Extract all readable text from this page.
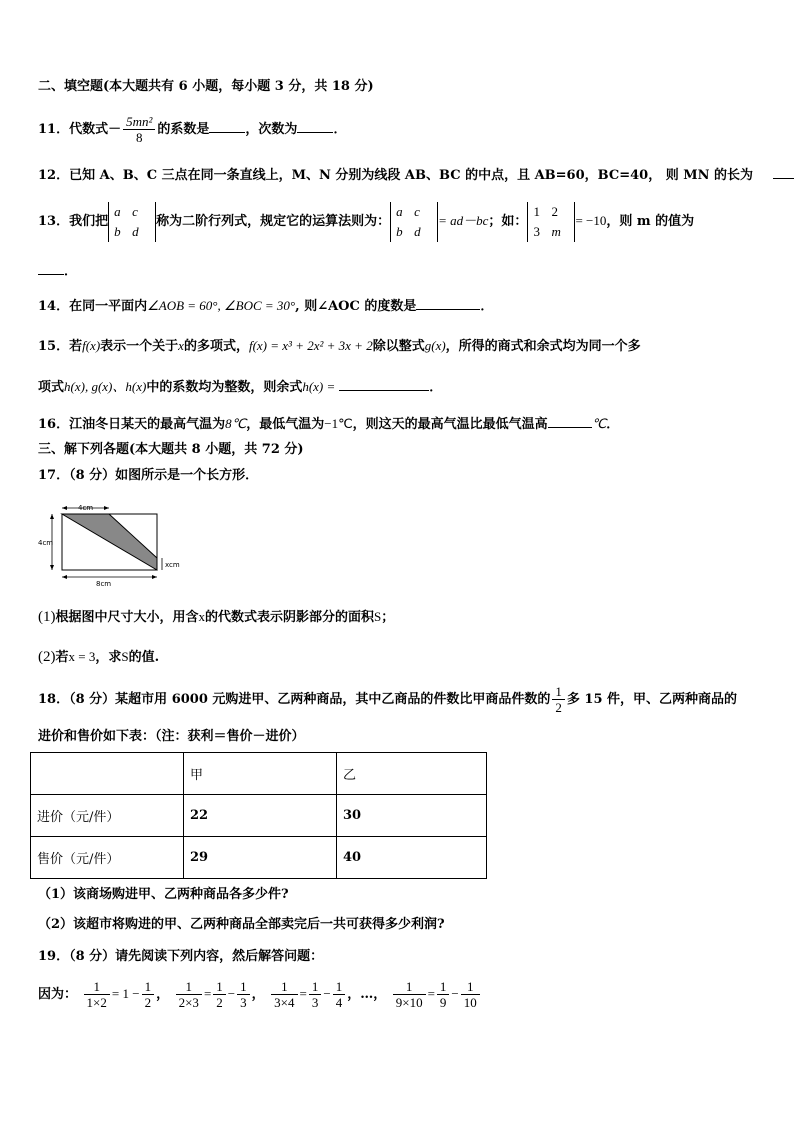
二、填空题(本大题共有 6 小题，每小题 3 分，共 18 分)
11．代数式－ $\frac{\text{5mn²}}{8}$ 的系数是	，次数为	．
12．已知 A、B、C 三点在同一条直线上，M、N 分别为线段 AB、BC 的中点，且 AB=60，BC=40， 则 MN 的长为
13．我们把a c
b d称为二阶行列式，规定它的运算法则为：a c
b d= ad－bc；如：1 2
3 m= −10，则 m 的值为
．
14．在同一平面内∠AOB = 60°, ∠BOC = 30°, 则∠AOC 的度数是	．
15．若f(x)表示一个关于x的多项式，f(x) = x³ + 2x² + 3x + 2除以整式g(x)，所得的商式和余式均为同一个多
项式h(x), g(x)、h(x)中的系数均为整数，则余式h(x) =	．
16．江油冬日某天的最高气温为8℃，最低气温为−1℃，则这天的最高气温比最低气温高	℃．
三、解下列各题(本大题共 8 小题，共 72 分)
17．（8 分）如图所示是一个长方形．
4cm
4cm
xcm
8cm
(1)根据图中尺寸大小，用含x的代数式表示阴影部分的面积S；
(2)若x = 3，求S的值.
18．（8 分）某超市用 6000 元购进甲、乙两种商品，其中乙商品的件数比甲商品件数的 $\frac{1}{2}$ 多 15 件，甲、乙两种商品的
进价和售价如下表：（注：获利＝售价－进价）
	甲	乙
进价（元/件）	22	30
售价（元/件）	29	40
（1）该商场购进甲、乙两种商品各多少件?
（2）该超市将购进的甲、乙两种商品全部卖完后一共可获得多少利润?
19．（8 分）请先阅读下列内容，然后解答问题：
因为： $\frac{1}{1\times 2} = 1 - \frac{1}{2}$ ， $\frac{1}{2\times 3} = \frac{1}{2} - \frac{1}{3}$ ， $\frac{1}{3\times 4} = \frac{1}{3} - \frac{1}{4}$ ，…， $\frac{1}{9\times 10} = \frac{1}{9} - \frac{1}{10}$
